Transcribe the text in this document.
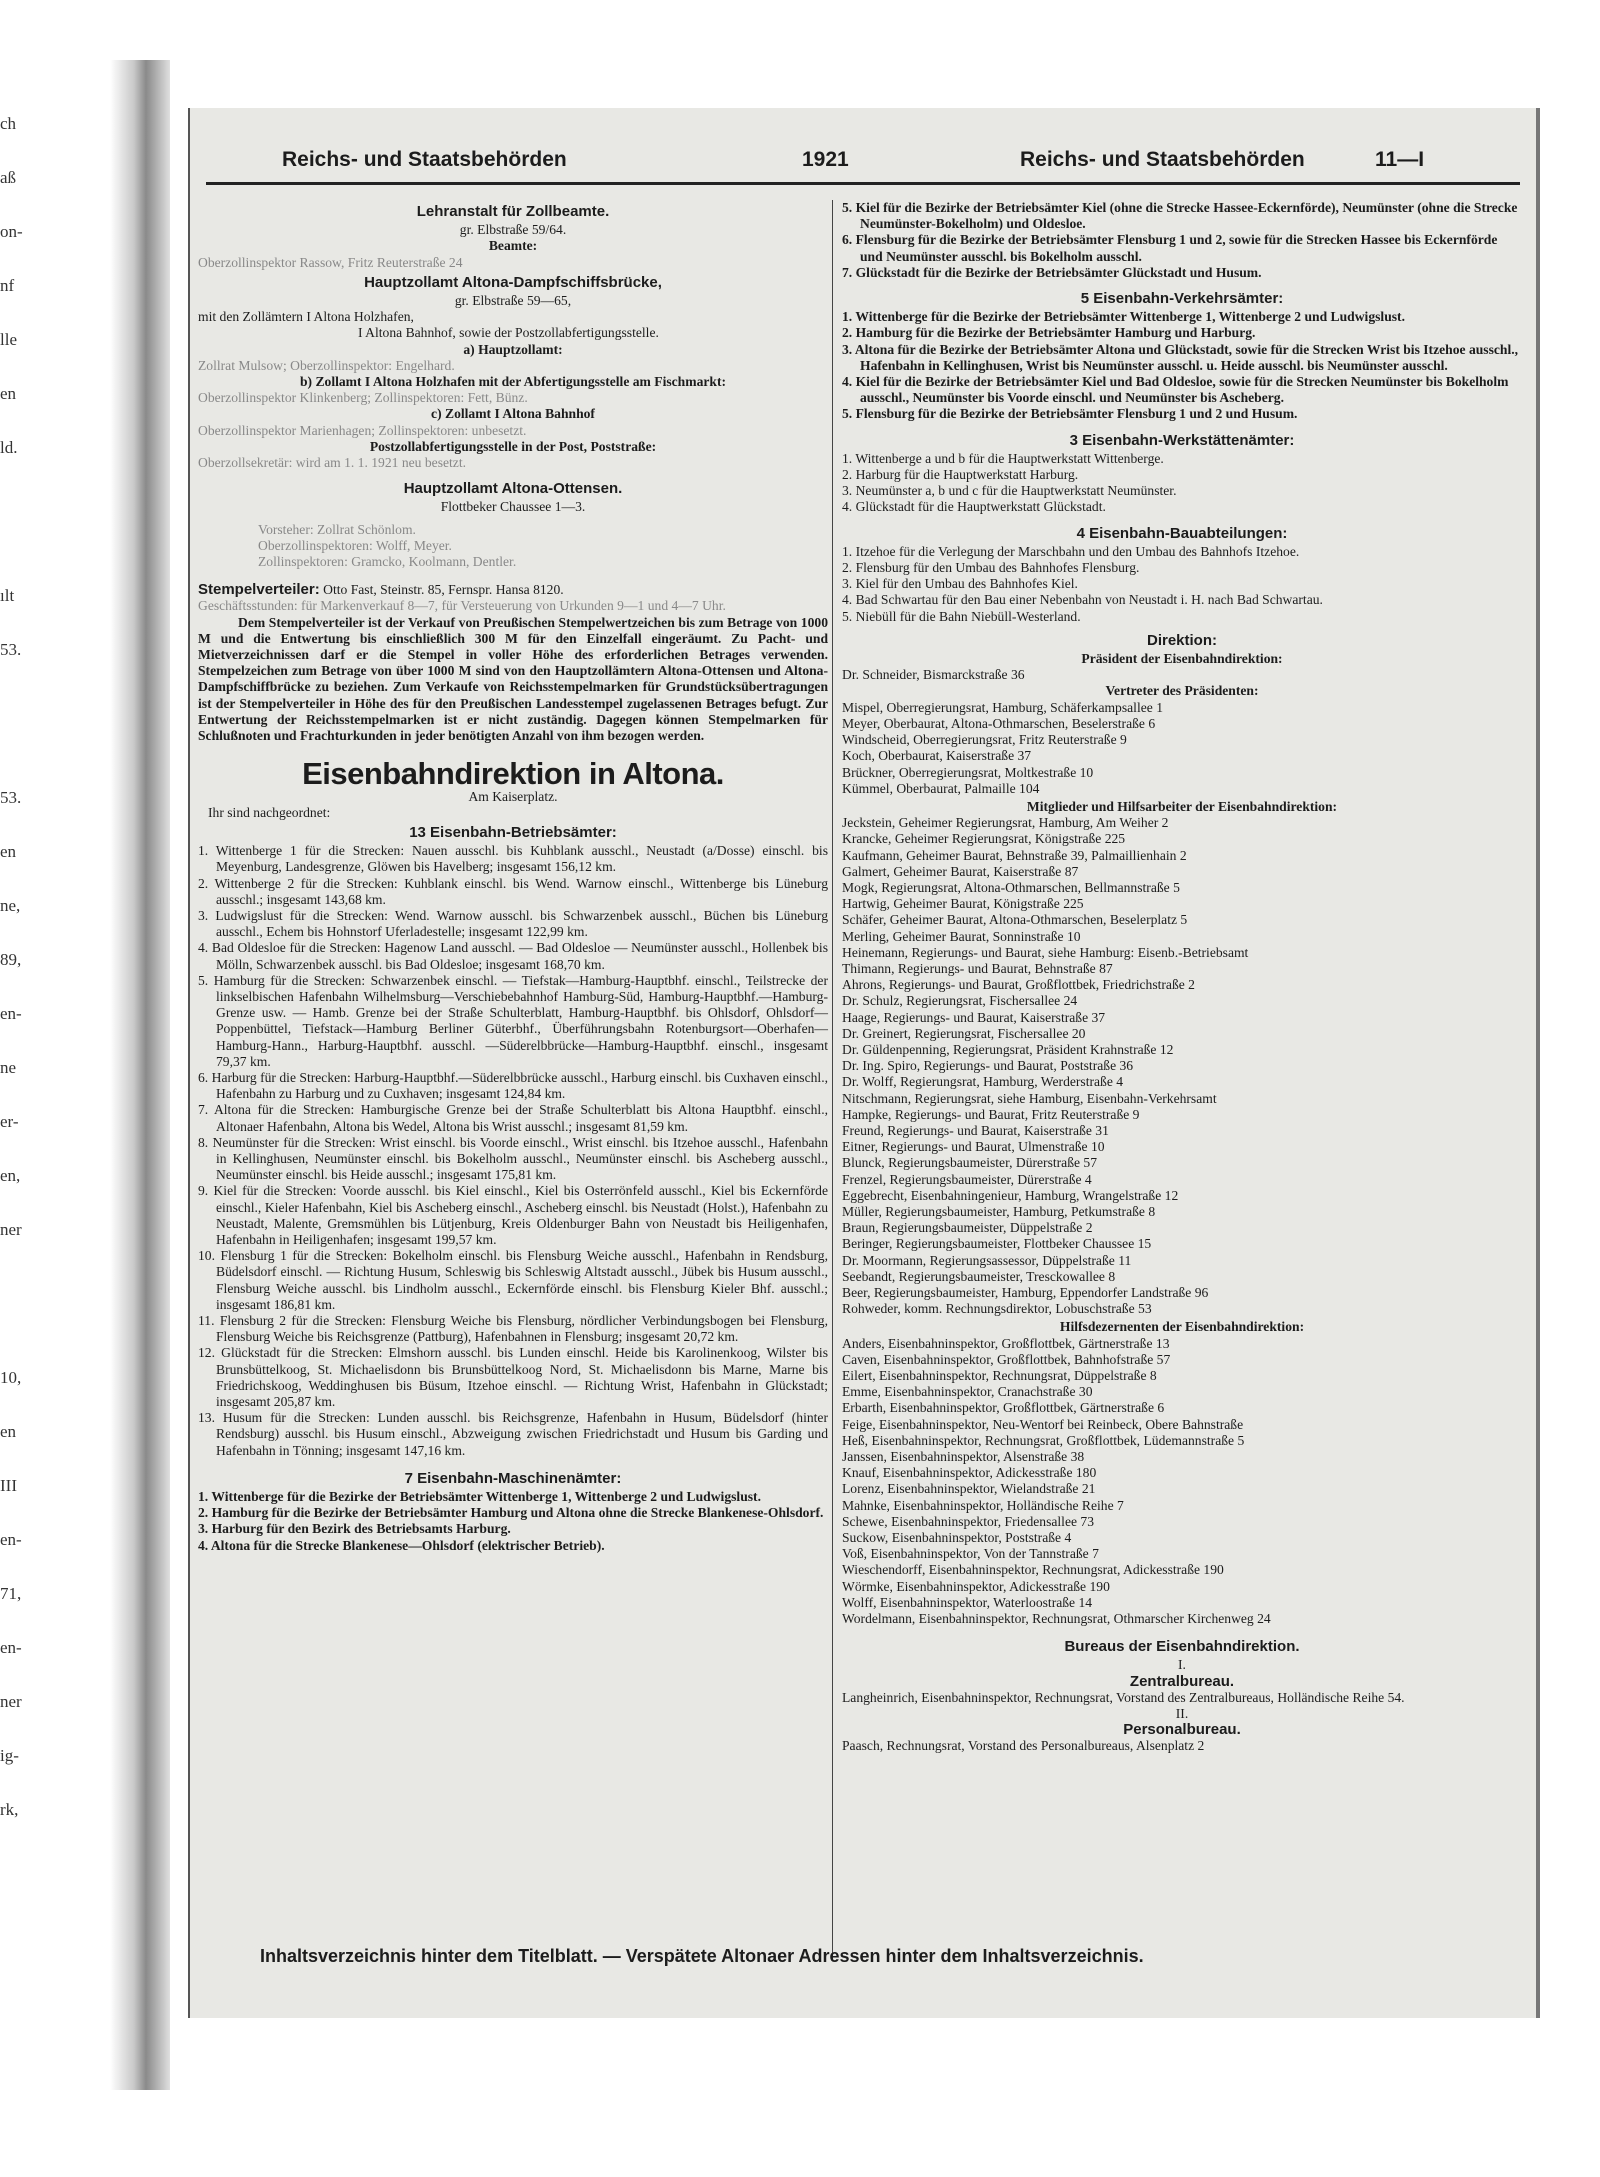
ch
aß
on-
nf
lle
en
ld.
ılt
53.
53.
en
ne,
89,
en-
ne
er-
en,
ner
10,
en
III
en-
71,
en-
ner
ig-
rk,
Reichs- und Staatsbehörden	1921	Reichs- und Staatsbehörden	11—I
Lehranstalt für Zollbeamte.

gr. Elbstraße 59/64.

Beamte:

Oberzollinspektor Rassow, Fritz Reuterstraße 24

Hauptzollamt Altona-Dampfschiffsbrücke,

gr. Elbstraße 59—65,

mit den Zollämtern I Altona Holzhafen,

I Altona Bahnhof, sowie der Postzollabfertigungsstelle.

a) Hauptzollamt:

Zollrat Mulsow; Oberzollinspektor: Engelhard.

b) Zollamt I Altona Holzhafen mit der Abfertigungsstelle am Fischmarkt:

Oberzollinspektor Klinkenberg; Zollinspektoren: Fett, Bünz.

c) Zollamt I Altona Bahnhof

Oberzollinspektor Marienhagen; Zollinspektoren: unbesetzt.

Postzollabfertigungsstelle in der Post, Poststraße:

Oberzollsekretär: wird am 1. 1. 1921 neu besetzt.

Hauptzollamt Altona-Ottensen.

Flottbeker Chaussee 1—3.

Vorsteher: Zollrat Schönlom.

Oberzollinspektoren: Wolff, Meyer.

Zollinspektoren: Gramcko, Koolmann, Dentler.

Stempelverteiler: Otto Fast, Steinstr. 85, Fernspr. Hansa 8120.

Geschäftsstunden: für Markenverkauf 8—7, für Versteuerung von Urkunden 9—1 und 4—7 Uhr.

Dem Stempelverteiler ist der Verkauf von Preußischen Stempelwertzeichen bis zum Betrage von 1000 M und die Entwertung bis einschließlich 300 M für den Einzelfall eingeräumt. Zu Pacht- und Mietverzeichnissen darf er die Stempel in voller Höhe des erforderlichen Betrages verwenden. Stempelzeichen zum Betrage von über 1000 M sind von den Hauptzollämtern Altona-Ottensen und Altona-Dampfschiffbrücke zu beziehen. Zum Verkaufe von Reichsstempelmarken für Grundstücksübertragungen ist der Stempelverteiler in Höhe des für den Preußischen Landesstempel zugelassenen Betrages befugt. Zur Entwertung der Reichsstempelmarken ist er nicht zuständig. Dagegen können Stempelmarken für Schlußnoten und Frachturkunden in jeder benötigten Anzahl von ihm bezogen werden.

Eisenbahndirektion in Altona.

Am Kaiserplatz.

Ihr sind nachgeordnet:

13 Eisenbahn-Betriebsämter:

1. Wittenberge 1 für die Strecken: Nauen ausschl. bis Kuhblank ausschl., Neustadt (a/Dosse) einschl. bis Meyenburg, Landesgrenze, Glöwen bis Havelberg; insgesamt 156,12 km.

2. Wittenberge 2 für die Strecken: Kuhblank einschl. bis Wend. Warnow einschl., Wittenberge bis Lüneburg ausschl.; insgesamt 143,68 km.

3. Ludwigslust für die Strecken: Wend. Warnow ausschl. bis Schwarzenbek ausschl., Büchen bis Lüneburg ausschl., Echem bis Hohnstorf Uferladestelle; insgesamt 122,99 km.

4. Bad Oldesloe für die Strecken: Hagenow Land ausschl. — Bad Oldesloe — Neumünster ausschl., Hollenbek bis Mölln, Schwarzenbek ausschl. bis Bad Oldesloe; insgesamt 168,70 km.

5. Hamburg für die Strecken: Schwarzenbek einschl. — Tiefstak—Hamburg-Hauptbhf. einschl., Teilstrecke der linkselbischen Hafenbahn Wilhelmsburg—Verschiebebahnhof Hamburg-Süd, Hamburg-Hauptbhf.—Hamburg-Grenze usw. — Hamb. Grenze bei der Straße Schulterblatt, Hamburg-Hauptbhf. bis Ohlsdorf, Ohlsdorf—Poppenbüttel, Tiefstack—Hamburg Berliner Güterbhf., Überführungsbahn Rotenburgsort—Oberhafen—Hamburg-Hann., Harburg-Hauptbhf. ausschl. —Süderelbbrücke—Hamburg-Hauptbhf. einschl., insgesamt 79,37 km.

6. Harburg für die Strecken: Harburg-Hauptbhf.—Süderelbbrücke ausschl., Harburg einschl. bis Cuxhaven einschl., Hafenbahn zu Harburg und zu Cuxhaven; insgesamt 124,84 km.

7. Altona für die Strecken: Hamburgische Grenze bei der Straße Schulterblatt bis Altona Hauptbhf. einschl., Altonaer Hafenbahn, Altona bis Wedel, Altona bis Wrist ausschl.; insgesamt 81,59 km.

8. Neumünster für die Strecken: Wrist einschl. bis Voorde einschl., Wrist einschl. bis Itzehoe ausschl., Hafenbahn in Kellinghusen, Neumünster einschl. bis Bokelholm ausschl., Neumünster einschl. bis Ascheberg ausschl., Neumünster einschl. bis Heide ausschl.; insgesamt 175,81 km.

9. Kiel für die Strecken: Voorde ausschl. bis Kiel einschl., Kiel bis Osterrönfeld ausschl., Kiel bis Eckernförde einschl., Kieler Hafenbahn, Kiel bis Ascheberg einschl., Ascheberg einschl. bis Neustadt (Holst.), Hafenbahn zu Neustadt, Malente, Gremsmühlen bis Lütjenburg, Kreis Oldenburger Bahn von Neustadt bis Heiligenhafen, Hafenbahn in Heiligenhafen; insgesamt 199,57 km.

10. Flensburg 1 für die Strecken: Bokelholm einschl. bis Flensburg Weiche ausschl., Hafenbahn in Rendsburg, Büdelsdorf einschl. — Richtung Husum, Schleswig bis Schleswig Altstadt ausschl., Jübek bis Husum ausschl., Flensburg Weiche ausschl. bis Lindholm ausschl., Eckernförde einschl. bis Flensburg Kieler Bhf. ausschl.; insgesamt 186,81 km.

11. Flensburg 2 für die Strecken: Flensburg Weiche bis Flensburg, nördlicher Verbindungsbogen bei Flensburg, Flensburg Weiche bis Reichsgrenze (Pattburg), Hafenbahnen in Flensburg; insgesamt 20,72 km.

12. Glückstadt für die Strecken: Elmshorn ausschl. bis Lunden einschl. Heide bis Karolinenkoog, Wilster bis Brunsbüttelkoog, St. Michaelisdonn bis Brunsbüttelkoog Nord, St. Michaelisdonn bis Marne, Marne bis Friedrichskoog, Weddinghusen bis Büsum, Itzehoe einschl. — Richtung Wrist, Hafenbahn in Glückstadt; insgesamt 205,87 km.

13. Husum für die Strecken: Lunden ausschl. bis Reichsgrenze, Hafenbahn in Husum, Büdelsdorf (hinter Rendsburg) ausschl. bis Husum einschl., Abzweigung zwischen Friedrichstadt und Husum bis Garding und Hafenbahn in Tönning; insgesamt 147,16 km.

7 Eisenbahn-Maschinenämter:

1. Wittenberge für die Bezirke der Betriebsämter Wittenberge 1, Wittenberge 2 und Ludwigslust.

2. Hamburg für die Bezirke der Betriebsämter Hamburg und Altona ohne die Strecke Blankenese-Ohlsdorf.

3. Harburg für den Bezirk des Betriebsamts Harburg.

4. Altona für die Strecke Blankenese—Ohlsdorf (elektrischer Betrieb).

5. Kiel für die Bezirke der Betriebsämter Kiel (ohne die Strecke Hassee-Eckernförde), Neumünster (ohne die Strecke Neumünster-Bokelholm) und Oldesloe.

6. Flensburg für die Bezirke der Betriebsämter Flensburg 1 und 2, sowie für die Strecken Hassee bis Eckernförde und Neumünster ausschl. bis Bokelholm ausschl.

7. Glückstadt für die Bezirke der Betriebsämter Glückstadt und Husum.

5 Eisenbahn-Verkehrsämter:

1. Wittenberge für die Bezirke der Betriebsämter Wittenberge 1, Wittenberge 2 und Ludwigslust.

2. Hamburg für die Bezirke der Betriebsämter Hamburg und Harburg.

3. Altona für die Bezirke der Betriebsämter Altona und Glückstadt, sowie für die Strecken Wrist bis Itzehoe ausschl., Hafenbahn in Kellinghusen, Wrist bis Neumünster ausschl. u. Heide ausschl. bis Neumünster ausschl.

4. Kiel für die Bezirke der Betriebsämter Kiel und Bad Oldesloe, sowie für die Strecken Neumünster bis Bokelholm ausschl., Neumünster bis Voorde einschl. und Neumünster bis Ascheberg.

5. Flensburg für die Bezirke der Betriebsämter Flensburg 1 und 2 und Husum.

3 Eisenbahn-Werkstättenämter:

1. Wittenberge a und b für die Hauptwerkstatt Wittenberge.

2. Harburg für die Hauptwerkstatt Harburg.

3. Neumünster a, b und c für die Hauptwerkstatt Neumünster.

4. Glückstadt für die Hauptwerkstatt Glückstadt.

4 Eisenbahn-Bauabteilungen:

1. Itzehoe für die Verlegung der Marschbahn und den Umbau des Bahnhofs Itzehoe.

2. Flensburg für den Umbau des Bahnhofes Flensburg.

3. Kiel für den Umbau des Bahnhofes Kiel.

4. Bad Schwartau für den Bau einer Nebenbahn von Neustadt i. H. nach Bad Schwartau.

5. Niebüll für die Bahn Niebüll-Westerland.

Direktion:

Präsident der Eisenbahndirektion:

Dr. Schneider, Bismarckstraße 36

Vertreter des Präsidenten:

Mispel, Oberregierungsrat, Hamburg, Schäferkampsallee 1

Meyer, Oberbaurat, Altona-Othmarschen, Beselerstraße 6

Windscheid, Oberregierungsrat, Fritz Reuterstraße 9

Koch, Oberbaurat, Kaiserstraße 37

Brückner, Oberregierungsrat, Moltkestraße 10

Kümmel, Oberbaurat, Palmaille 104

Mitglieder und Hilfsarbeiter der Eisenbahndirektion:

Jeckstein, Geheimer Regierungsrat, Hamburg, Am Weiher 2

Krancke, Geheimer Regierungsrat, Königstraße 225

Kaufmann, Geheimer Baurat, Behnstraße 39, Palmaillienhain 2

Galmert, Geheimer Baurat, Kaiserstraße 87

Mogk, Regierungsrat, Altona-Othmarschen, Bellmannstraße 5

Hartwig, Geheimer Baurat, Königstraße 225

Schäfer, Geheimer Baurat, Altona-Othmarschen, Beselerplatz 5

Merling, Geheimer Baurat, Sonninstraße 10

Heinemann, Regierungs- und Baurat, siehe Hamburg: Eisenb.-Betriebsamt

Thimann, Regierungs- und Baurat, Behnstraße 87

Ahrons, Regierungs- und Baurat, Großflottbek, Friedrichstraße 2

Dr. Schulz, Regierungsrat, Fischersallee 24

Haage, Regierungs- und Baurat, Kaiserstraße 37

Dr. Greinert, Regierungsrat, Fischersallee 20

Dr. Güldenpenning, Regierungsrat, Präsident Krahnstraße 12

Dr. Ing. Spiro, Regierungs- und Baurat, Poststraße 36

Dr. Wolff, Regierungsrat, Hamburg, Werderstraße 4

Nitschmann, Regierungsrat, siehe Hamburg, Eisenbahn-Verkehrsamt

Hampke, Regierungs- und Baurat, Fritz Reuterstraße 9

Freund, Regierungs- und Baurat, Kaiserstraße 31

Eitner, Regierungs- und Baurat, Ulmenstraße 10

Blunck, Regierungsbaumeister, Dürerstraße 57

Frenzel, Regierungsbaumeister, Dürerstraße 4

Eggebrecht, Eisenbahningenieur, Hamburg, Wrangelstraße 12

Müller, Regierungsbaumeister, Hamburg, Petkumstraße 8

Braun, Regierungsbaumeister, Düppelstraße 2

Beringer, Regierungsbaumeister, Flottbeker Chaussee 15

Dr. Moormann, Regierungsassessor, Düppelstraße 11

Seebandt, Regierungsbaumeister, Tresckowallee 8

Beer, Regierungsbaumeister, Hamburg, Eppendorfer Landstraße 96

Rohweder, komm. Rechnungsdirektor, Lobuschstraße 53

Hilfsdezernenten der Eisenbahndirektion:

Anders, Eisenbahninspektor, Großflottbek, Gärtnerstraße 13

Caven, Eisenbahninspektor, Großflottbek, Bahnhofstraße 57

Eilert, Eisenbahninspektor, Rechnungsrat, Düppelstraße 8

Emme, Eisenbahninspektor, Cranachstraße 30

Erbarth, Eisenbahninspektor, Großflottbek, Gärtnerstraße 6

Feige, Eisenbahninspektor, Neu-Wentorf bei Reinbeck, Obere Bahnstraße

Heß, Eisenbahninspektor, Rechnungsrat, Großflottbek, Lüdemannstraße 5

Janssen, Eisenbahninspektor, Alsenstraße 38

Knauf, Eisenbahninspektor, Adickesstraße 180

Lorenz, Eisenbahninspektor, Wielandstraße 21

Mahnke, Eisenbahninspektor, Holländische Reihe 7

Schewe, Eisenbahninspektor, Friedensallee 73

Suckow, Eisenbahninspektor, Poststraße 4

Voß, Eisenbahninspektor, Von der Tannstraße 7

Wieschendorff, Eisenbahninspektor, Rechnungsrat, Adickesstraße 190

Wörmke, Eisenbahninspektor, Adickesstraße 190

Wolff, Eisenbahninspektor, Waterloostraße 14

Wordelmann, Eisenbahninspektor, Rechnungsrat, Othmarscher Kirchenweg 24

Bureaus der Eisenbahndirektion.

I.

Zentralbureau.

Langheinrich, Eisenbahninspektor, Rechnungsrat, Vorstand des Zentralbureaus, Holländische Reihe 54.

II.

Personalbureau.

Paasch, Rechnungsrat, Vorstand des Personalbureaus, Alsenplatz 2

Inhaltsverzeichnis hinter dem Titelblatt. — Verspätete Altonaer Adressen hinter dem Inhaltsverzeichnis.
